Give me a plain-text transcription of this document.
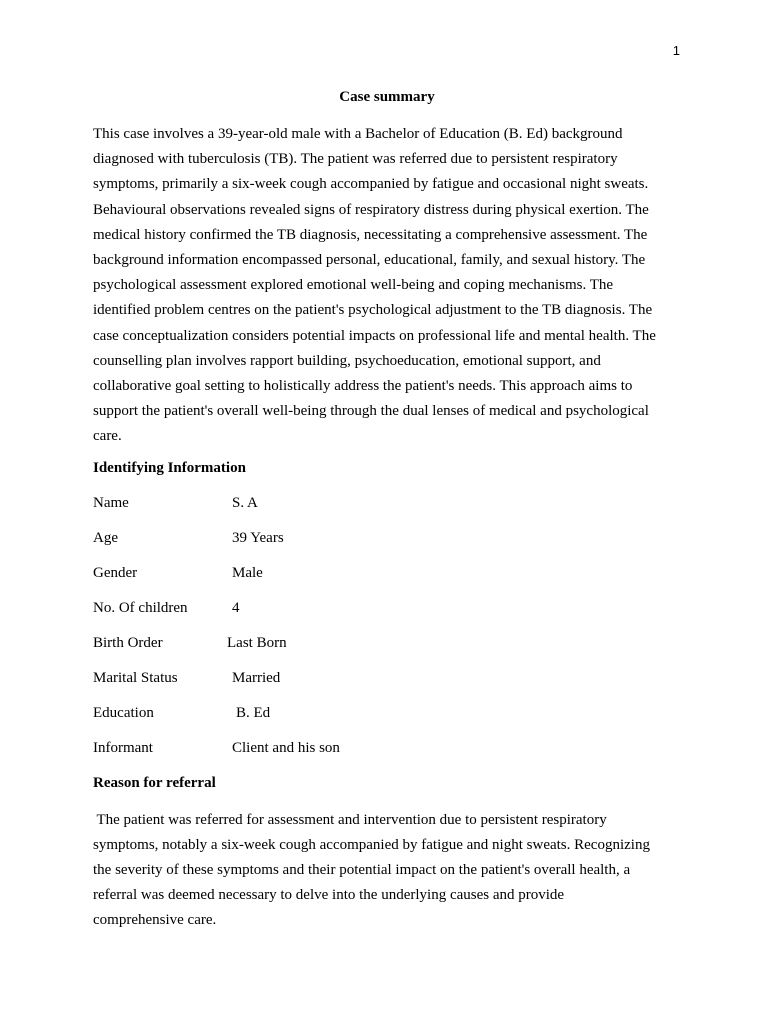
1
Case summary

This case involves a 39-year-old male with a Bachelor of Education (B. Ed) background
diagnosed with tuberculosis (TB). The patient was referred due to persistent respiratory
symptoms, primarily a six-week cough accompanied by fatigue and occasional night sweats.
Behavioural observations revealed signs of respiratory distress during physical exertion. The
medical history confirmed the TB diagnosis, necessitating a comprehensive assessment. The
background information encompassed personal, educational, family, and sexual history. The
psychological assessment explored emotional well-being and coping mechanisms. The
identified problem centres on the patient's psychological adjustment to the TB diagnosis. The
case conceptualization considers potential impacts on professional life and mental health. The
counselling plan involves rapport building, psychoeducation, emotional support, and
collaborative goal setting to holistically address the patient's needs. This approach aims to
support the patient's overall well-being through the dual lenses of medical and psychological
care.

Identifying Information
Name	S. A
Age	39 Years
Gender	Male
No. Of children	4
Birth Order	Last Born
Marital Status	Married
Education	B. Ed
Informant	Client and his son
Reason for referral

The patient was referred for assessment and intervention due to persistent respiratory
symptoms, notably a six-week cough accompanied by fatigue and night sweats. Recognizing
the severity of these symptoms and their potential impact on the patient's overall health, a
referral was deemed necessary to delve into the underlying causes and provide
comprehensive care.
